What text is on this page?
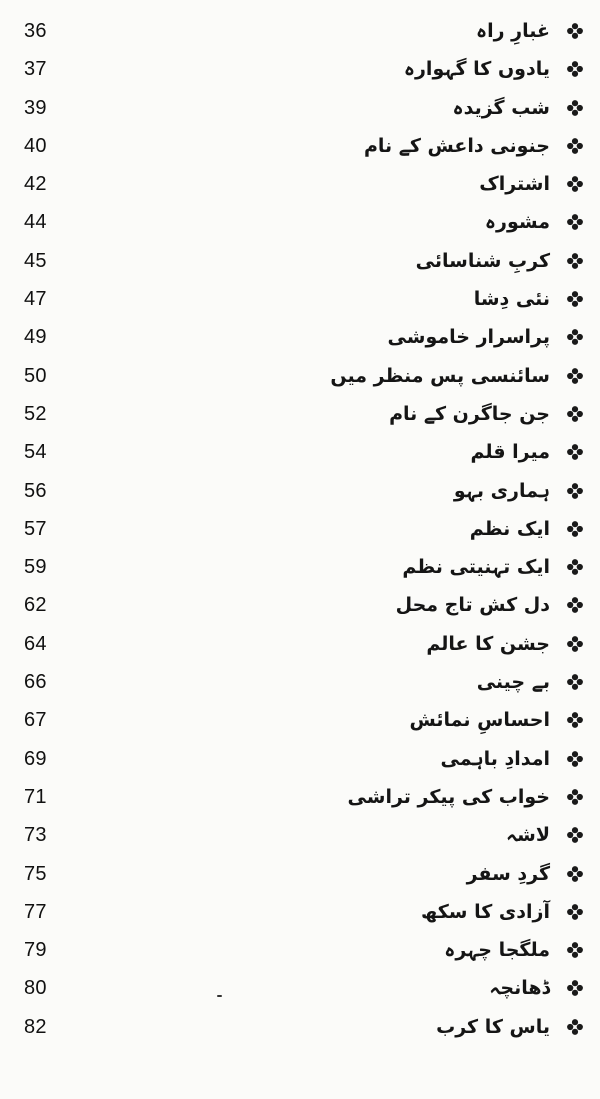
36	غبارِ راہ
37	یادوں کا گہوارہ
39	شب گزیدہ
40	جنونی داعش کے نام
42	اشتراک
44	مشورہ
45	کربِ شناسائی
47	نئی دِشا
49	پراسرار خاموشی
50	سائنسی پس منظر میں
52	جن جاگرن کے نام
54	میرا قلم
56	ہماری بہو
57	ایک نظم
59	ایک تہنیتی نظم
62	دل کش تاج محل
64	جشن کا عالم
66	بے چینی
67	احساسِ نمائش
69	امدادِ باہمی
71	خواب کی پیکر تراشی
73	لاشہ
75	گردِ سفر
77	آزادی کا سکھ
79	ملگجا چہرہ
80	ڈھانچہ
82	یاس کا کرب
